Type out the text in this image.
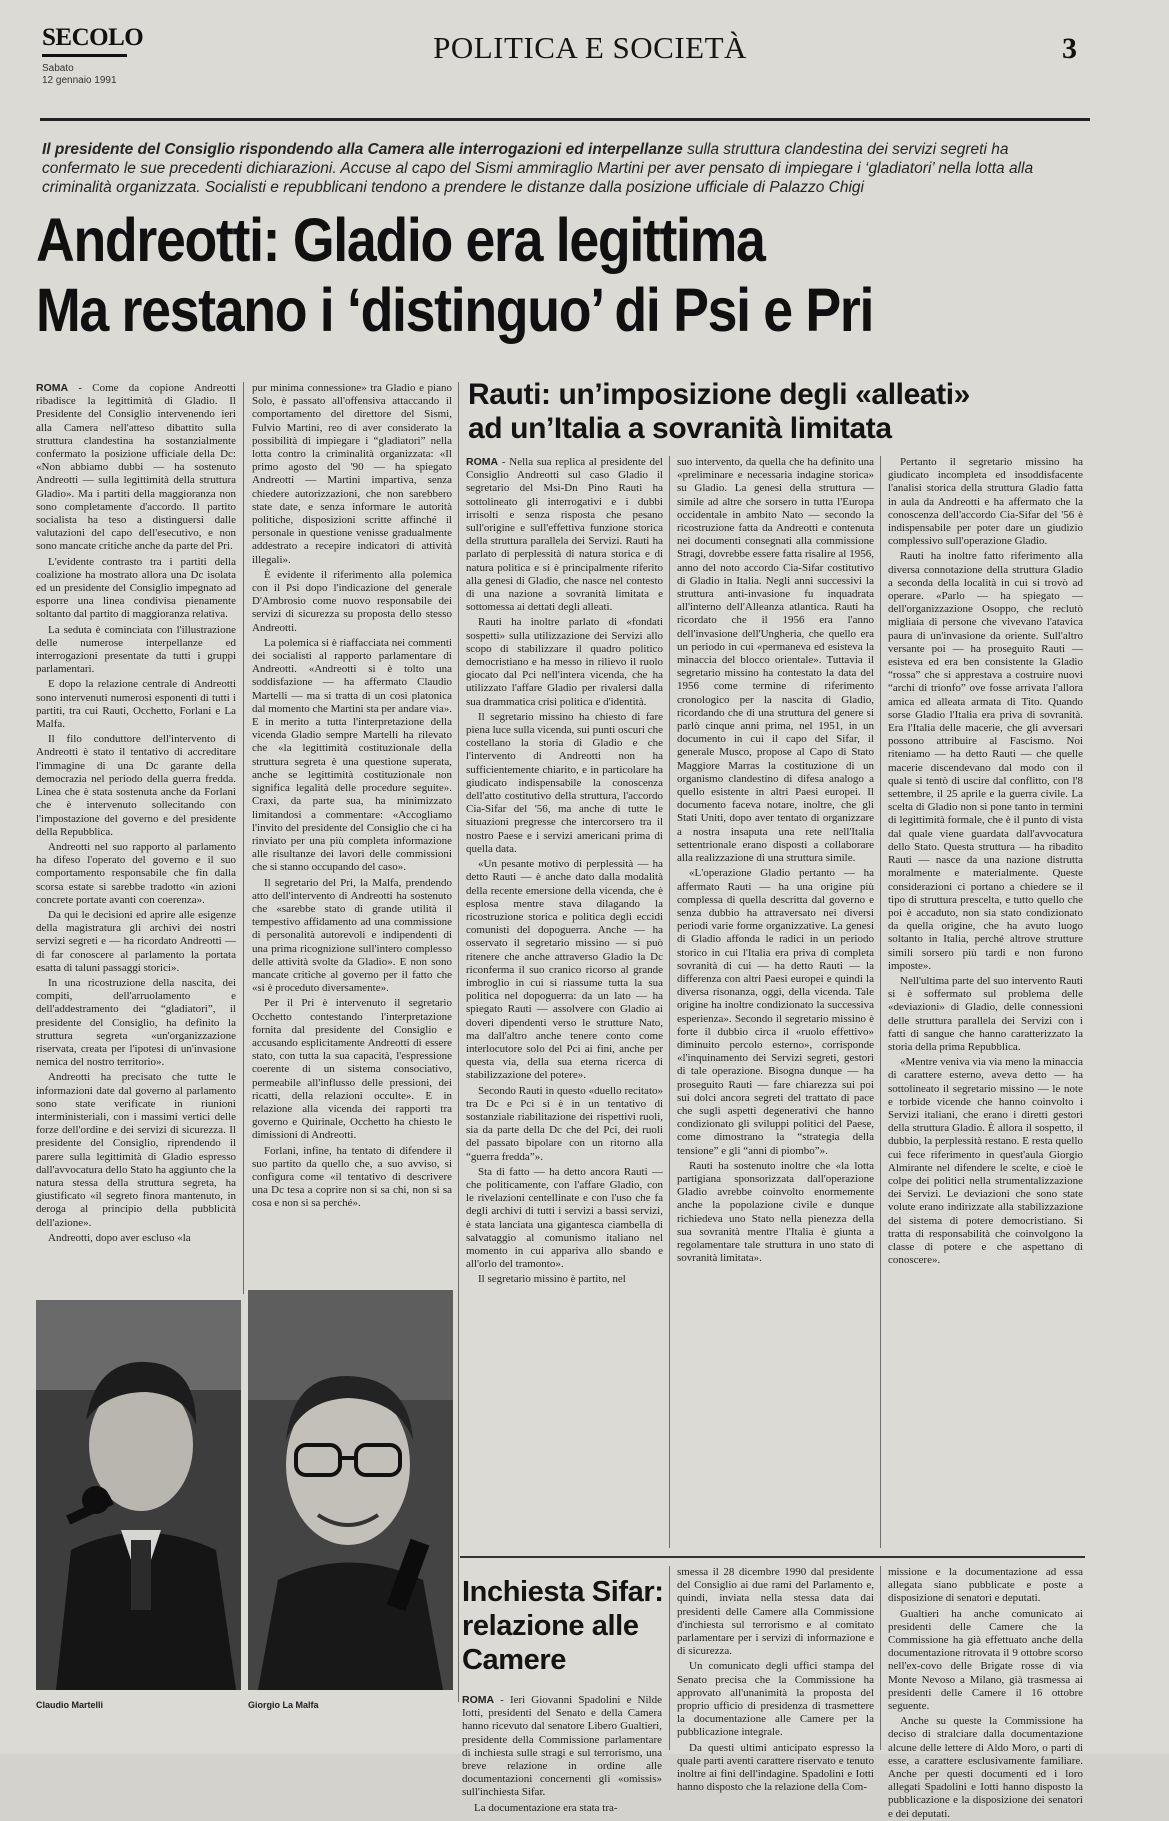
SECOLO
Sabato
12 gennaio 1991
POLITICA E SOCIETÀ	3
Il presidente del Consiglio rispondendo alla Camera alle interrogazioni ed interpellanze sulla struttura clandestina dei servizi segreti ha confermato le sue precedenti dichiarazioni. Accuse al capo del Sismi ammiraglio Martini per aver pensato di impiegare i ‘gladiatori’ nella lotta alla criminalità organizzata. Socialisti e repubblicani tendono a prendere le distanze dalla posizione ufficiale di Palazzo Chigi
Andreotti: Gladio era legittima
Ma restano i ‘distinguo’ di Psi e Pri

ROMA - Come da copione Andreotti ribadisce la legittimità di Gladio. Il Presidente del Consiglio intervenendo ieri alla Camera nell'atteso dibattito sulla struttura clandestina ha sostanzialmente confermato la posizione ufficiale della Dc: «Non abbiamo dubbi — ha sostenuto Andreotti — sulla legittimità della struttura Gladio». Ma i partiti della maggioranza non sono completamente d'accordo. Il partito socialista ha teso a distinguersi dalle valutazioni del capo dell'esecutivo, e non sono mancate critiche anche da parte del Pri.

L'evidente contrasto tra i partiti della coalizione ha mostrato allora una Dc isolata ed un presidente del Consiglio impegnato ad esporre una linea condivisa pienamente soltanto dal partito di maggioranza relativa.

La seduta è cominciata con l'illustrazione delle numerose interpellanze ed interrogazioni presentate da tutti i gruppi parlamentari.

E dopo la relazione centrale di Andreotti sono intervenuti numerosi esponenti di tutti i partiti, tra cui Rauti, Occhetto, Forlani e La Malfa.

Il filo conduttore dell'intervento di Andreotti è stato il tentativo di accreditare l'immagine di una Dc garante della democrazia nel periodo della guerra fredda. Linea che è stata sostenuta anche da Forlani che è intervenuto sollecitando con l'impostazione del governo e del presidente della Repubblica.

Andreotti nel suo rapporto al parlamento ha difeso l'operato del governo e il suo comportamento responsabile che fin dalla scorsa estate si sarebbe tradotto «in azioni concrete portate avanti con coerenza».

Da qui le decisioni ed aprire alle esigenze della magistratura gli archivi dei nostri servizi segreti e — ha ricordato Andreotti — di far conoscere al parlamento la portata esatta di taluni passaggi storici».

In una ricostruzione della nascita, dei compiti, dell'arruolamento e dell'addestramento dei “gladiatori”, il presidente del Consiglio, ha definito la struttura segreta «un'organizzazione riservata, creata per l'ipotesi di un'invasione nemica del nostro territorio».

Andreotti ha precisato che tutte le informazioni date dal governo al parlamento sono state verificate in riunioni interministeriali, con i massimi vertici delle forze dell'ordine e dei servizi di sicurezza. Il presidente del Consiglio, riprendendo il parere sulla legittimità di Gladio espresso dall'avvocatura dello Stato ha aggiunto che la natura stessa della struttura segreta, ha giustificato «il segreto finora mantenuto, in deroga al principio della pubblicità dell'azione».

Andreotti, dopo aver escluso «la

pur minima connessione» tra Gladio e piano Solo, è passato all'offensiva attaccando il comportamento del direttore del Sismi, Fulvio Martini, reo di aver considerato la possibilità di impiegare i “gladiatori” nella lotta contro la criminalità organizzata: «Il primo agosto del '90 — ha spiegato Andreotti — Martini impartiva, senza chiedere autorizzazioni, che non sarebbero state date, e senza informare le autorità politiche, disposizioni scritte affinché il personale in questione venisse gradualmente addestrato a recepire indicatori di attività illegali».

È evidente il riferimento alla polemica con il Psi dopo l'indicazione del generale D'Ambrosio come nuovo responsabile dei servizi di sicurezza su proposta dello stesso Andreotti.

La polemica si è riaffacciata nei commenti dei socialisti al rapporto parlamentare di Andreotti. «Andreotti si è tolto una soddisfazione — ha affermato Claudio Martelli — ma si tratta di un così platonica dal momento che Martini sta per andare via». E in merito a tutta l'interpretazione della vicenda Gladio sempre Martelli ha rilevato che «la legittimità costituzionale della struttura segreta è una questione superata, anche se legittimità costituzionale non significa legalità delle procedure seguite». Craxi, da parte sua, ha minimizzato limitandosi a commentare: «Accogliamo l'invito del presidente del Consiglio che ci ha rinviato per una più completa informazione alle risultanze dei lavori delle commissioni che si stanno occupando del caso».

Il segretario del Pri, la Malfa, prendendo atto dell'intervento di Andreotti ha sostenuto che «sarebbe stato di grande utilità il tempestivo affidamento ad una commissione di personalità autorevoli e indipendenti di una prima ricognizione sull'intero complesso delle attività svolte da Gladio». E non sono mancate critiche al governo per il fatto che «si è proceduto diversamente».

Per il Pri è intervenuto il segretario Occhetto contestando l'interpretazione fornita dal presidente del Consiglio e accusando esplicitamente Andreotti di essere stato, con tutta la sua capacità, l'espressione coerente di un sistema consociativo, permeabile all'influsso delle pressioni, dei ricatti, della relazioni occulte». E in relazione alla vicenda dei rapporti tra governo e Quirinale, Occhetto ha chiesto le dimissioni di Andreotti.

Forlani, infine, ha tentato di difendere il suo partito da quello che, a suo avviso, si configura come «il tentativo di descrivere una Dc tesa a coprire non si sa chi, non si sa cosa e non si sa perché».

Claudio Martelli	Giorgio La Malfa
Rauti: un’imposizione degli «alleati»
ad un’Italia a sovranità limitata

ROMA - Nella sua replica al presidente del Consiglio Andreotti sul caso Gladio il segretario del Msi-Dn Pino Rauti ha sottolineato gli interrogativi e i dubbi irrisolti e senza risposta che pesano sull'origine e sull'effettiva funzione storica della struttura parallela dei Servizi. Rauti ha parlato di perplessità di natura storica e di natura politica e si è principalmente riferito alla genesi di Gladio, che nasce nel contesto di una nazione a sovranità limitata e sottomessa ai dettati degli alleati.

Rauti ha inoltre parlato di «fondati sospetti» sulla utilizzazione dei Servizi allo scopo di stabilizzare il quadro politico democristiano e ha messo in rilievo il ruolo giocato dal Pci nell'intera vicenda, che ha utilizzato l'affare Gladio per rivalersi dalla sua drammatica crisi politica e d'identità.

Il segretario missino ha chiesto di fare piena luce sulla vicenda, sui punti oscuri che costellano la storia di Gladio e che l'intervento di Andreotti non ha sufficientemente chiarito, e in particolare ha giudicato indispensabile la conoscenza dell'atto costitutivo della struttura, l'accordo Cia-Sifar del '56, ma anche di tutte le situazioni pregresse che intercorsero tra il nostro Paese e i servizi americani prima di quella data.

«Un pesante motivo di perplessità — ha detto Rauti — è anche dato dalla modalità della recente emersione della vicenda, che è esplosa mentre stava dilagando la ricostruzione storica e politica degli eccidi comunisti del dopoguerra. Anche — ha osservato il segretario missino — si può ritenere che anche attraverso Gladio la Dc riconferma il suo cranico ricorso al grande imbroglio in cui si riassume tutta la sua politica nel dopoguerra: da un lato — ha spiegato Rauti — assolvere con Gladio ai doveri dipendenti verso le strutture Nato, ma dall'altro anche tenere conto come interlocutore solo del Pci ai fini, anche per questa via, della sua eterna ricerca di stabilizzazione del potere».

Secondo Rauti in questo «duello recitato» tra Dc e Pci si è in un tentativo di sostanziale riabilitazione dei rispettivi ruoli, sia da parte della Dc che del Pci, dei ruoli del passato bipolare con un ritorno alla “guerra fredda”».

Sta di fatto — ha detto ancora Rauti — che politicamente, con l'affare Gladio, con le rivelazioni centellinate e con l'uso che fa degli archivi di tutti i servizi a bassi servizi, è stata lanciata una gigantesca ciambella di salvataggio al comunismo italiano nel momento in cui appariva allo sbando e all'orlo del tramonto».

Il segretario missino è partito, nel

suo intervento, da quella che ha definito una «preliminare e necessaria indagine storica» su Gladio. La genesi della struttura — simile ad altre che sorsero in tutta l'Europa occidentale in ambito Nato — secondo la ricostruzione fatta da Andreotti e contenuta nei documenti consegnati alla commissione Stragi, dovrebbe essere fatta risalire al 1956, anno del noto accordo Cia-Sifar costitutivo di Gladio in Italia. Negli anni successivi la struttura anti-invasione fu inquadrata all'interno dell'Alleanza atlantica. Rauti ha ricordato che il 1956 era l'anno dell'invasione dell'Ungheria, che quello era un periodo in cui «permaneva ed esisteva la minaccia del blocco orientale». Tuttavia il segretario missino ha contestato la data del 1956 come termine di riferimento cronologico per la nascita di Gladio, ricordando che di una struttura del genere si parlò cinque anni prima, nel 1951, in un documento in cui il capo del Sifar, il generale Musco, propose al Capo di Stato Maggiore Marras la costituzione di un organismo clandestino di difesa analogo a quello esistente in altri Paesi europei. Il documento faceva notare, inoltre, che gli Stati Uniti, dopo aver tentato di organizzare a nostra insaputa una rete nell'Italia settentrionale erano disposti a collaborare alla realizzazione di una struttura simile.

«L'operazione Gladio pertanto — ha affermato Rauti — ha una origine più complessa di quella descritta dal governo e senza dubbio ha attraversato nei diversi periodi varie forme organizzative. La genesi di Gladio affonda le radici in un periodo storico in cui l'Italia era priva di completa sovranità di cui — ha detto Rauti — la differenza con altri Paesi europei e quindi la diversa risonanza, oggi, della vicenda. Tale origine ha inoltre condizionato la successiva esperienza». Secondo il segretario missino è forte il dubbio circa il «ruolo effettivo» diminuito percolo esterno», corrisponde «l'inquinamento dei Servizi segreti, gestori di tale operazione. Bisogna dunque — ha proseguito Rauti — fare chiarezza sui poi sui dolci ancora segreti del trattato di pace che sugli aspetti degenerativi che hanno condizionato gli sviluppi politici del Paese, come dimostrano la “strategia della tensione” e gli “anni di piombo”».

Rauti ha sostenuto inoltre che «la lotta partigiana sponsorizzata dall'operazione Gladio avrebbe coinvolto enormemente anche la popolazione civile e dunque richiedeva uno Stato nella pienezza della sua sovranità mentre l'Italia è giunta a regolamentare tale struttura in uno stato di sovranità limitata».

Pertanto il segretario missino ha giudicato incompleta ed insoddisfacente l'analisi storica della struttura Gladio fatta in aula da Andreotti e ha affermato che la conoscenza dell'accordo Cia-Sifar del '56 è indispensabile per poter dare un giudizio complessivo sull'operazione Gladio.

Rauti ha inoltre fatto riferimento alla diversa connotazione della struttura Gladio a seconda della località in cui si trovò ad operare. «Parlo — ha spiegato — dell'organizzazione Osoppo, che reclutò migliaia di persone che vivevano l'atavica paura di un'invasione da oriente. Sull'altro versante poi — ha proseguito Rauti — esisteva ed era ben consistente la Gladio “rossa” che si apprestava a costruire nuovi “archi di trionfo” ove fosse arrivata l'allora amica ed alleata armata di Tito. Quando sorse Gladio l'Italia era priva di sovranità. Era l'Italia delle macerie, che gli avversari possono attribuire al Fascismo. Noi riteniamo — ha detto Rauti — che quelle macerie discendevano dal modo con il quale si tentò di uscire dal conflitto, con l'8 settembre, il 25 aprile e la guerra civile. La scelta di Gladio non si pone tanto in termini di legittimità formale, che è il punto di vista dal quale viene guardata dall'avvocatura dello Stato. Questa struttura — ha ribadito Rauti — nasce da una nazione distrutta moralmente e materialmente. Queste considerazioni ci portano a chiedere se il tipo di struttura prescelta, e tutto quello che poi è accaduto, non sia stato condizionato da quella origine, che ha avuto luogo soltanto in Italia, perché altrove strutture simili sorsero più tardi e non furono imposte».

Nell'ultima parte del suo intervento Rauti si è soffermato sul problema delle «deviazioni» di Gladio, delle connessioni delle struttura parallela dei Servizi con i fatti di sangue che hanno caratterizzato la storia della prima Repubblica.

«Mentre veniva via via meno la minaccia di carattere esterno, aveva detto — ha sottolineato il segretario missino — le note e torbide vicende che hanno coinvolto i Servizi italiani, che erano i diretti gestori della struttura Gladio. È allora il sospetto, il dubbio, la perplessità restano. E resta quello cui fece riferimento in quest'aula Giorgio Almirante nel difendere le scelte, e cioè le colpe dei politici nella strumentalizzazione dei Servizi. Le deviazioni che sono state volute erano indirizzate alla stabilizzazione del sistema di potere democristiano. Si tratta di responsabilità che coinvolgono la classe di potere e che aspettano di conoscere».

Inchiesta Sifar: relazione alle Camere

ROMA - Ieri Giovanni Spadolini e Nilde Iotti, presidenti del Senato e della Camera hanno ricevuto dal senatore Libero Gualtieri, presidente della Commissione parlamentare di inchiesta sulle stragi e sul terrorismo, una breve relazione in ordine alle documentazioni concernenti gli «omissis» sull'inchiesta Sifar.

La documentazione era stata tra-

smessa il 28 dicembre 1990 dal presidente del Consiglio ai due rami del Parlamento e, quindi, inviata nella stessa data dai presidenti delle Camere alla Commissione d'inchiesta sul terrorismo e al comitato parlamentare per i servizi di informazione e di sicurezza.

Un comunicato degli uffici stampa del Senato precisa che la Commissione ha approvato all'unanimità la proposta del proprio ufficio di presidenza di trasmettere la documentazione alle Camere per la pubblicazione integrale.

Da questi ultimi anticipato espresso la quale parti aventi carattere riservato e tenuto inoltre ai fini dell'indagine. Spadolini e Iotti hanno disposto che la relazione della Com-

missione e la documentazione ad essa allegata siano pubblicate e poste a disposizione di senatori e deputati.

Gualtieri ha anche comunicato ai presidenti delle Camere che la Commissione ha già effettuato anche della documentazione ritrovata il 9 ottobre scorso nell'ex-covo delle Brigate rosse di via Monte Nevoso a Milano, già trasmessa ai presidenti delle Camere il 16 ottobre seguente.

Anche su queste la Commissione ha deciso di stralciare dalla documentazione alcune delle lettere di Aldo Moro, o parti di esse, a carattere esclusivamente familiare. Anche per questi documenti ed i loro allegati Spadolini e Iotti hanno disposto la pubblicazione e la disposizione dei senatori e dei deputati.
